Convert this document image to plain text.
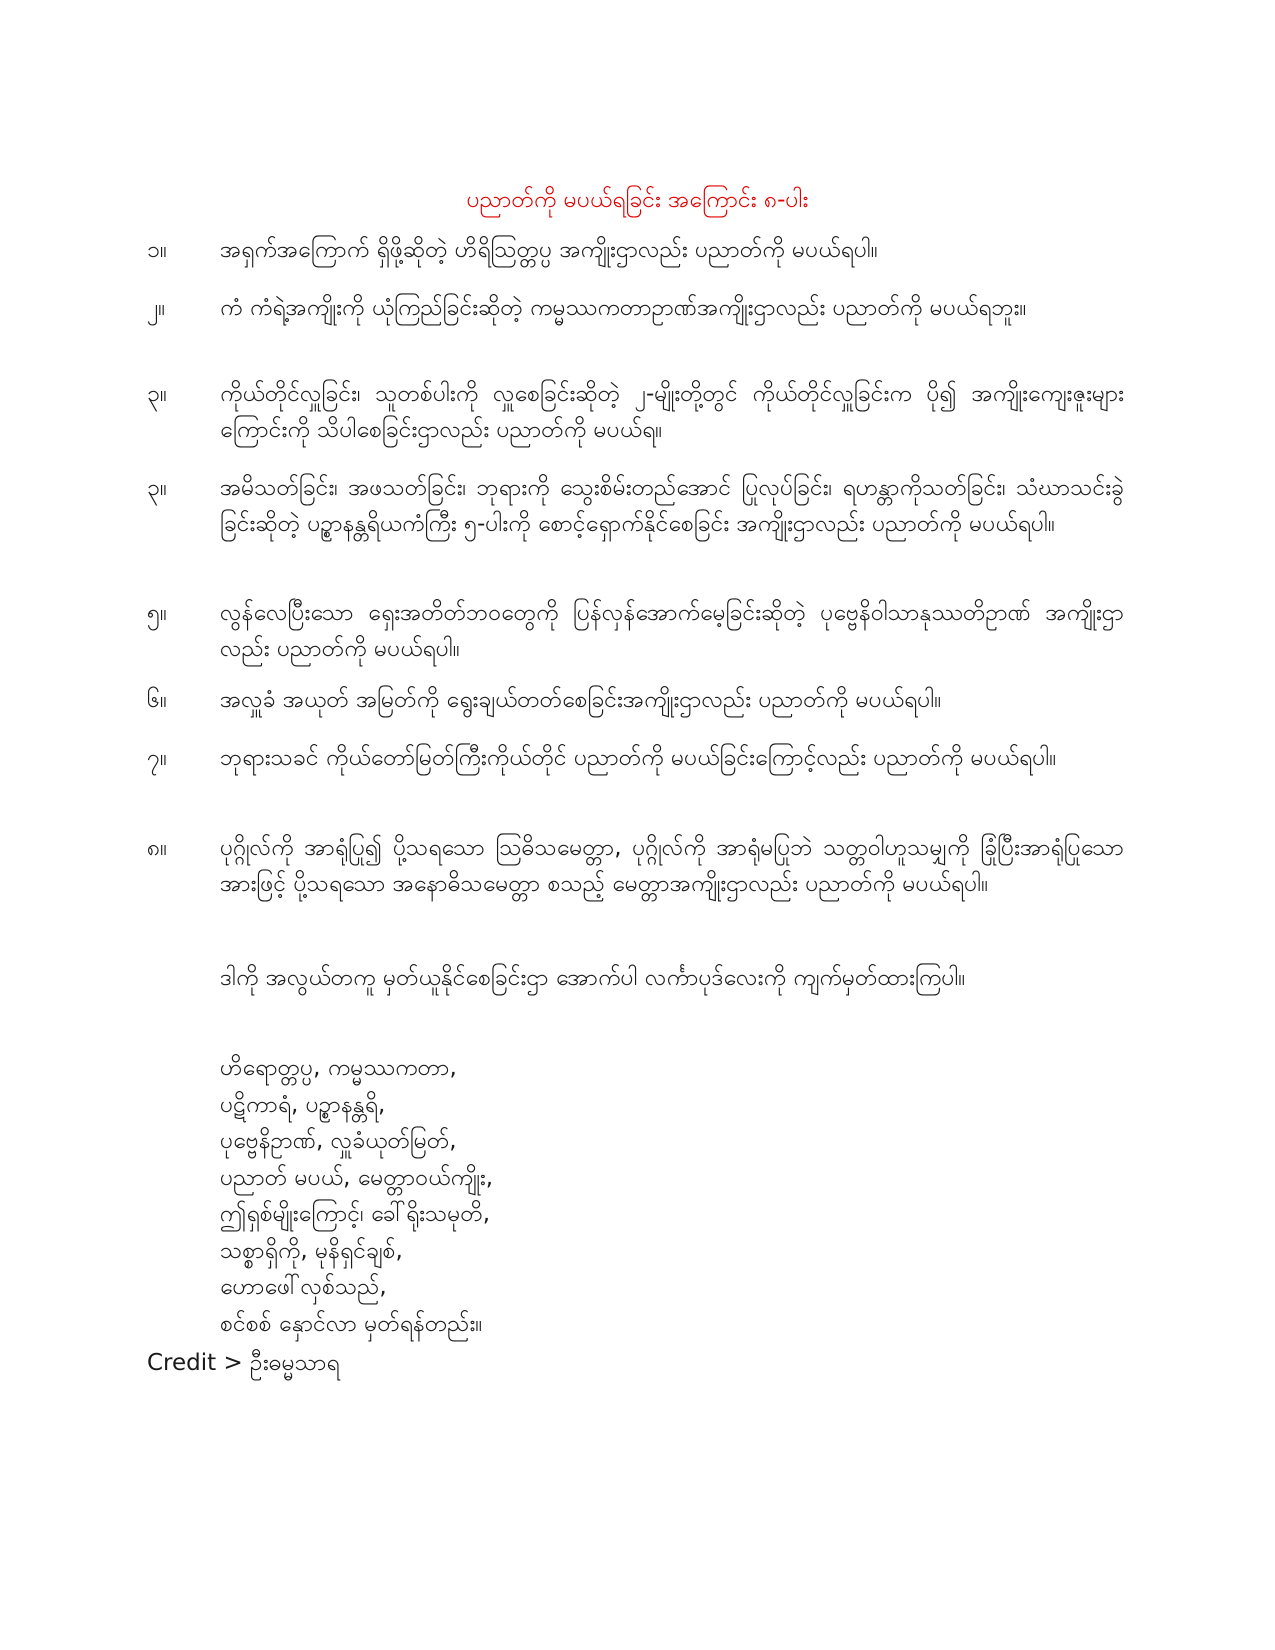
ပညာတ်ကို မပယ်ရခြင်း အကြောင်း ၈-ပါး
၁။	အရှက်အကြောက် ရှိဖို့ဆိုတဲ့ ဟိရိဩတ္တပ္ပ အကျိုးဌာလည်း ပညာတ်ကို မပယ်ရပါ။
၂။	ကံ ကံရဲ့အကျိုးကို ယုံကြည်ခြင်းဆိုတဲ့ ကမ္မဿကတာဥာဏ်အကျိုးဌာလည်း ပညာတ်ကို မပယ်ရဘူး။
၃။	ကိုယ်တိုင်လှူခြင်း၊ သူတစ်ပါးကို လှူစေခြင်းဆိုတဲ့ ၂-မျိုးတို့တွင် ကိုယ်တိုင်လှူခြင်းက ပို၍ အကျိုးကျေးဇူးများကြောင်းကို သိပါစေခြင်းဌာလည်း ပညာတ်ကို မပယ်ရ။
၃။	အမိသတ်ခြင်း၊ အဖသတ်ခြင်း၊ ဘုရားကို သွေးစိမ်းတည်အောင် ပြုလုပ်ခြင်း၊ ရဟန္တာကိုသတ်ခြင်း၊ သံဃာသင်းခွဲခြင်းဆိုတဲ့ ပဉ္စာနန္တရိယကံကြီး ၅-ပါးကို စောင့်ရှောက်နိုင်စေခြင်း အကျိုးဌာလည်း ပညာတ်ကို မပယ်ရပါ။
၅။	လွန်လေပြီးသော ရှေးအတိတ်ဘဝတွေကို ပြန်လှန်အောက်မေ့ခြင်းဆိုတဲ့ ပုဗ္ဗေနိဝါသာနုဿတိဥာဏ် အကျိုးဌာလည်း ပညာတ်ကို မပယ်ရပါ။
၆။	အလှူခံ အယုတ် အမြတ်ကို ရွေးချယ်တတ်စေခြင်းအကျိုးဌာလည်း ပညာတ်ကို မပယ်ရပါ။
၇။	ဘုရားသခင် ကိုယ်တော်မြတ်ကြီးကိုယ်တိုင် ပညာတ်ကို မပယ်ခြင်းကြောင့်လည်း ပညာတ်ကို မပယ်ရပါ။
၈။	ပုဂ္ဂိုလ်ကို အာရုံပြု၍ ပို့သရသော ဩဓိသမေတ္တာ, ပုဂ္ဂိုလ်ကို အာရုံမပြုဘဲ သတ္တဝါဟူသမျှကို ခြုံပြီးအာရုံပြုသောအားဖြင့် ပို့သရသော အနောဓိသမေတ္တာ စသည့် မေတ္တာအကျိုးဌာလည်း ပညာတ်ကို မပယ်ရပါ။
ဒါကို အလွယ်တကူ မှတ်ယူနိုင်စေခြင်းဌာ အောက်ပါ လင်္ကာပုဒ်လေးကို ကျက်မှတ်ထားကြပါ။
ဟိရောတ္တပ္ပ, ကမ္မဿကတာ,
ပဋိကာရံ, ပဉ္စာနန္တရိ,
ပုဗ္ဗေနိဥာဏ်, လှူခံယုတ်မြတ်,
ပညာတ် မပယ်, မေတ္တာဝယ်ကျိုး,
ဤရှစ်မျိုးကြောင့်၊ ခေါ်ရိုးသမုတိ,
သစ္စာရှိကို, မုနိရှင်ချစ်,
ဟောဖေါ်လှစ်သည်,
စင်စစ် နှောင်လာ မှတ်ရန်တည်း။
Credit > ဦးဓမ္မသာရ
